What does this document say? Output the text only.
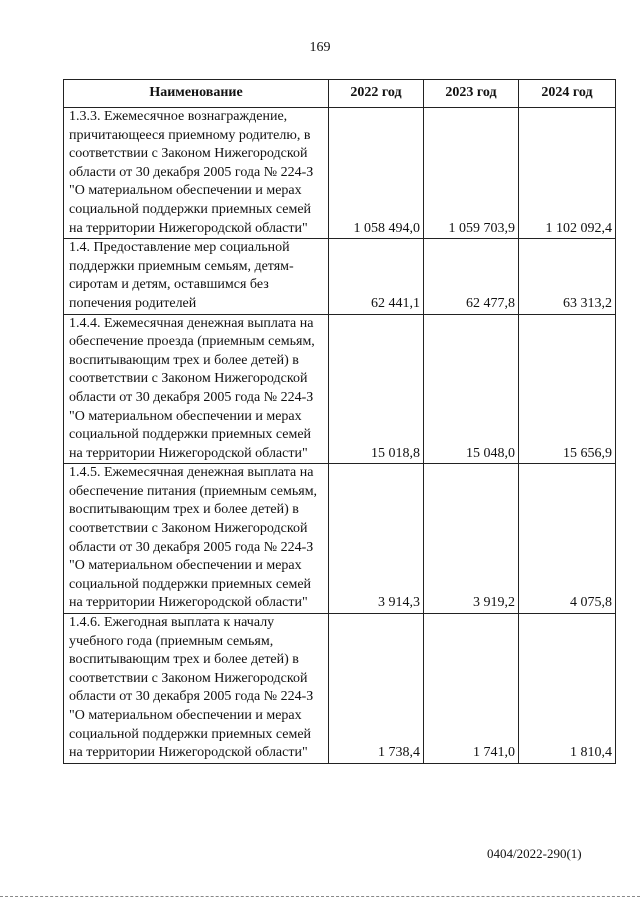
169
Наименование	2022 год	2023 год	2024 год
1.3.3. Ежемесячное вознаграждение, причитающееся приемному родителю, в соответствии с Законом Нижегородской области от 30 декабря 2005 года № 224-З "О материальном обеспечении и мерах социальной поддержки приемных семей на территории Нижегородской области"	1 058 494,0	1 059 703,9	1 102 092,4
1.4. Предоставление мер социальной поддержки приемным семьям, детям-сиротам и детям, оставшимся без попечения родителей	62 441,1	62 477,8	63 313,2
1.4.4. Ежемесячная денежная выплата на обеспечение проезда (приемным семьям, воспитывающим трех и более детей) в соответствии с Законом Нижегородской области от 30 декабря 2005 года № 224-З "О материальном обеспечении и мерах социальной поддержки приемных семей на территории Нижегородской области"	15 018,8	15 048,0	15 656,9
1.4.5. Ежемесячная денежная выплата на обеспечение питания (приемным семьям, воспитывающим трех и более детей) в соответствии с Законом Нижегородской области от 30 декабря 2005 года № 224-З "О материальном обеспечении и мерах социальной поддержки приемных семей на территории Нижегородской области"	3 914,3	3 919,2	4 075,8
1.4.6. Ежегодная выплата к началу учебного года (приемным семьям, воспитывающим трех и более детей) в соответствии с Законом Нижегородской области от 30 декабря 2005 года № 224-З "О материальном обеспечении и мерах социальной поддержки приемных семей на территории Нижегородской области"	1 738,4	1 741,0	1 810,4
0404/2022-290(1)
